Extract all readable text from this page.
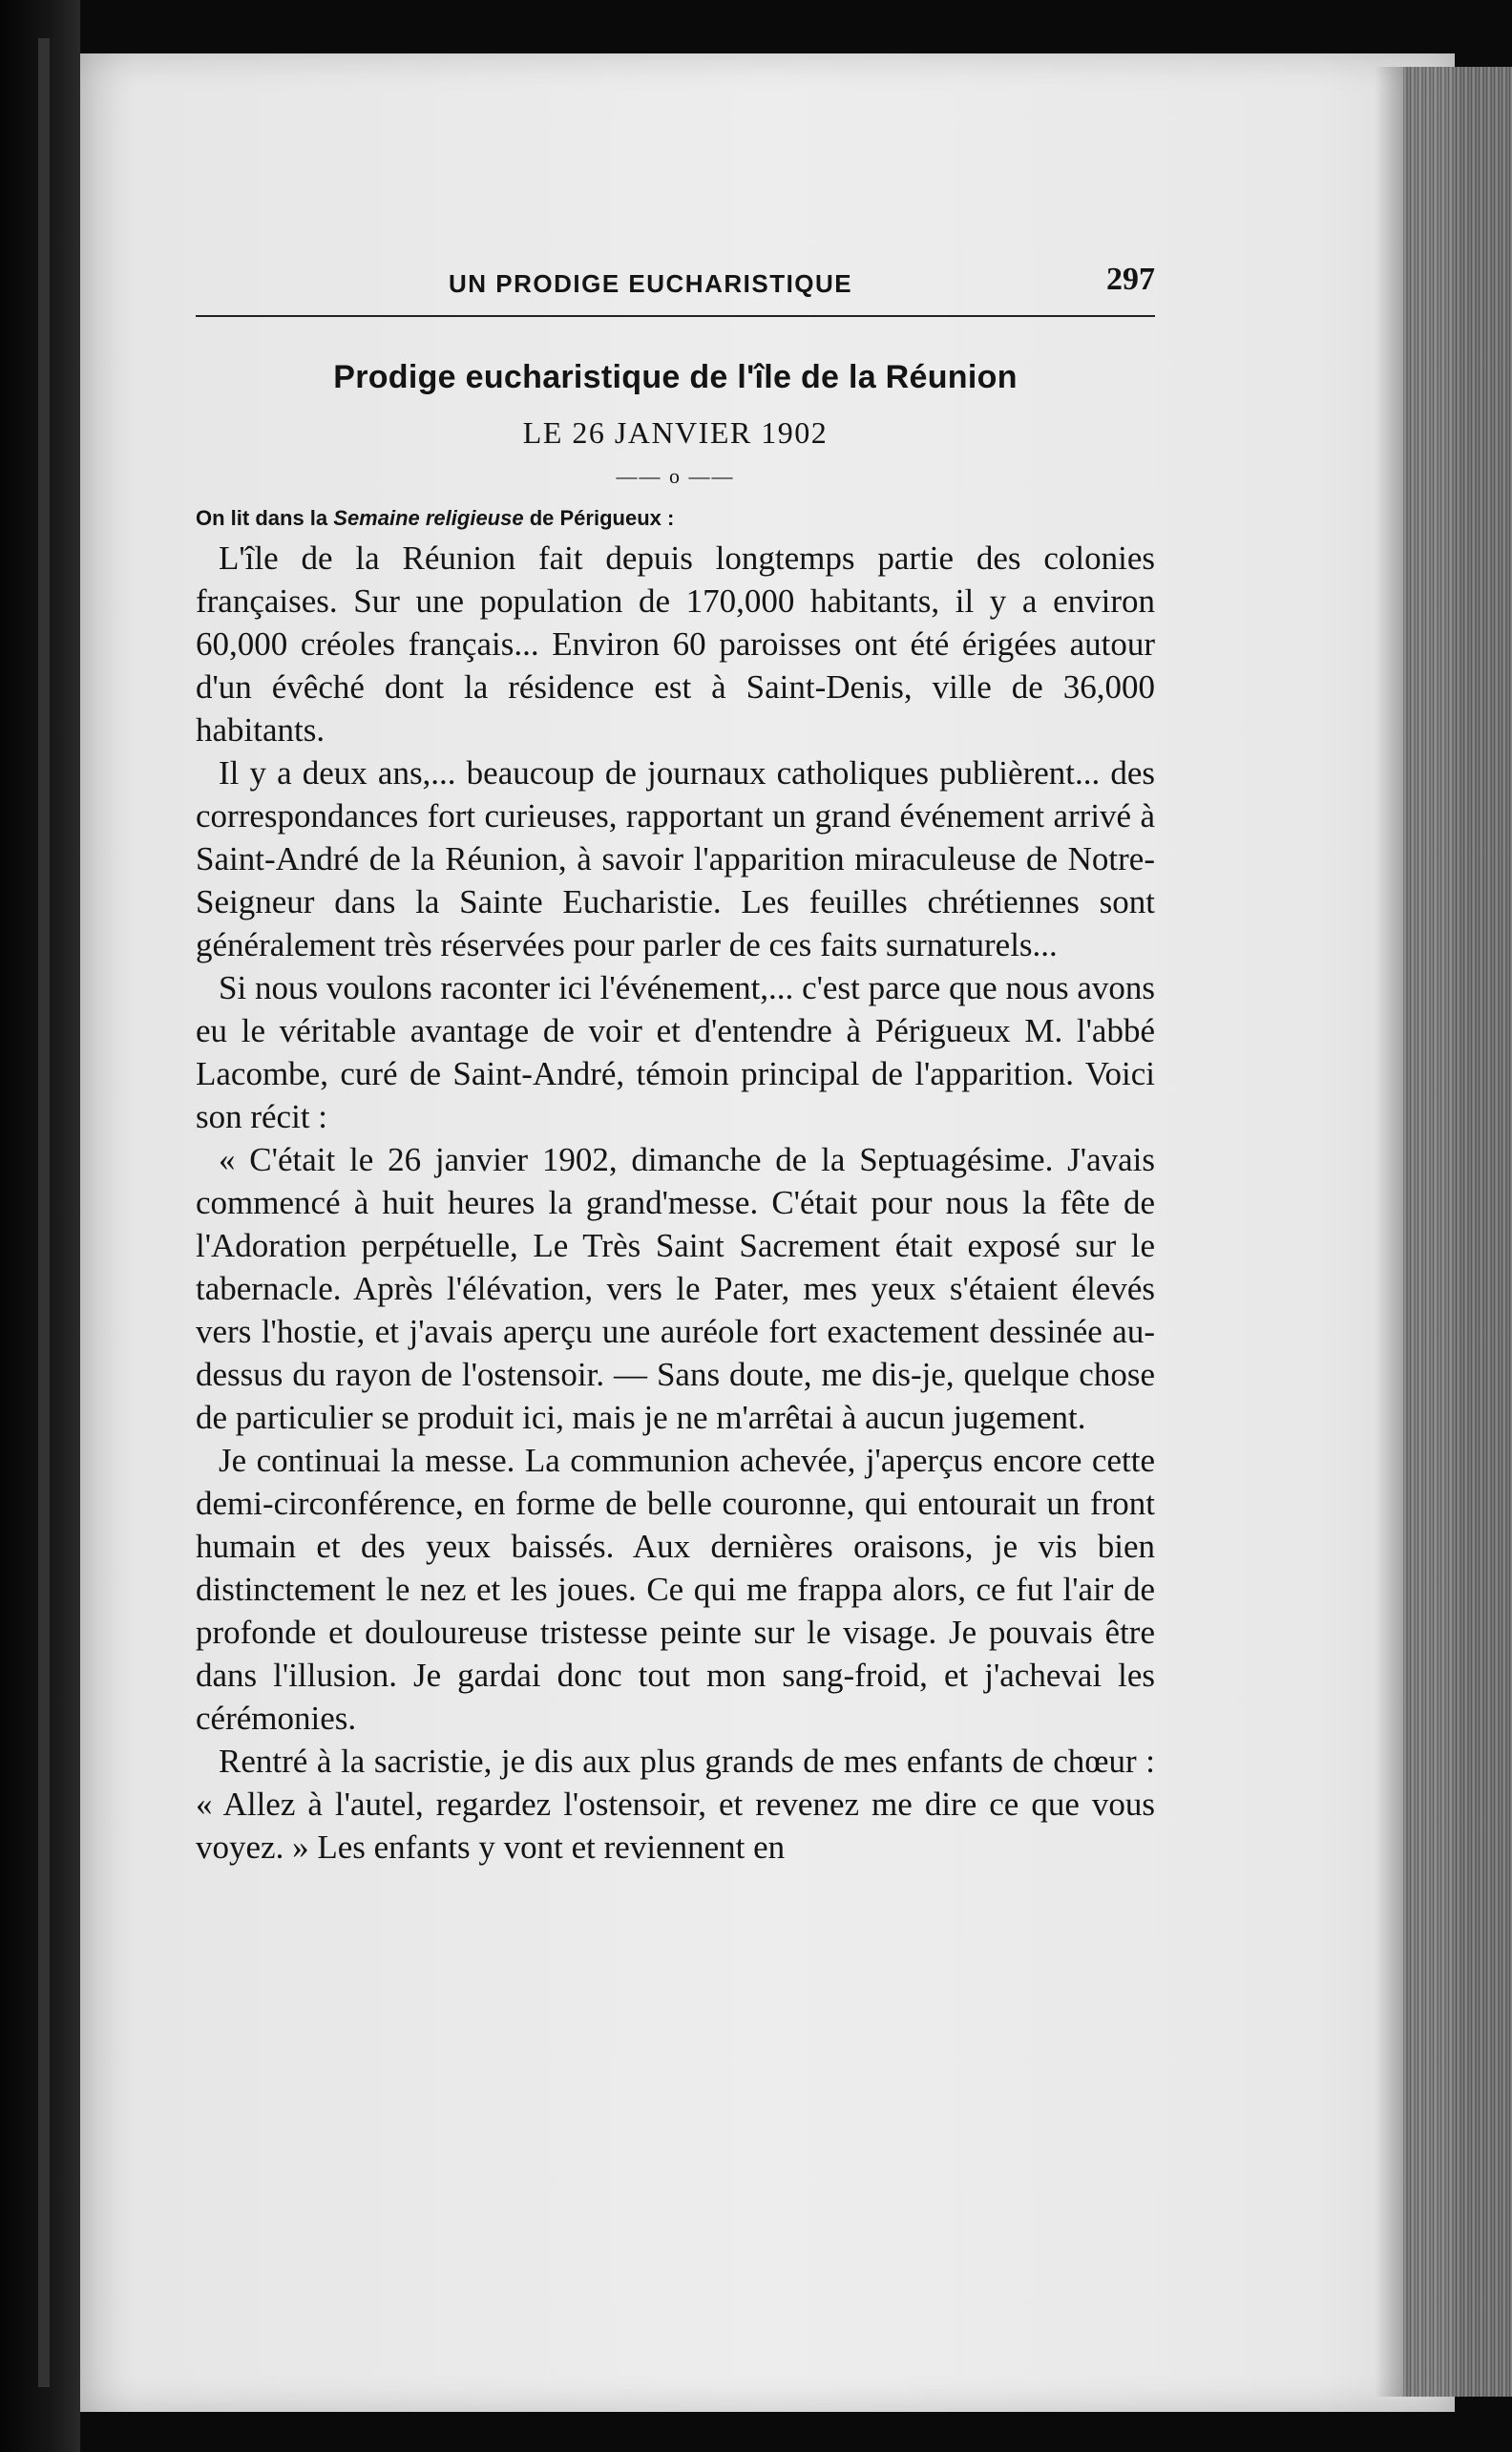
UN PRODIGE EUCHARISTIQUE	297
Prodige eucharistique de l'île de la Réunion
LE 26 JANVIER 1902
—— o ——
On lit dans la Semaine religieuse de Périgueux :

L'île de la Réunion fait depuis longtemps partie des colonies françaises. Sur une population de 170,000 habitants, il y a environ 60,000 créoles français... Environ 60 paroisses ont été érigées autour d'un évêché dont la résidence est à Saint-Denis, ville de 36,000 habitants.

Il y a deux ans,... beaucoup de journaux catholiques publièrent... des correspondances fort curieuses, rapportant un grand événement arrivé à Saint-André de la Réunion, à savoir l'apparition miraculeuse de Notre-Seigneur dans la Sainte Eucharistie. Les feuilles chrétiennes sont généralement très réservées pour parler de ces faits surnaturels...

Si nous voulons raconter ici l'événement,... c'est parce que nous avons eu le véritable avantage de voir et d'entendre à Périgueux M. l'abbé Lacombe, curé de Saint-André, témoin principal de l'apparition. Voici son récit :

« C'était le 26 janvier 1902, dimanche de la Septuagésime. J'avais commencé à huit heures la grand'messe. C'était pour nous la fête de l'Adoration perpétuelle, Le Très Saint Sacrement était exposé sur le tabernacle. Après l'élévation, vers le Pater, mes yeux s'étaient élevés vers l'hostie, et j'avais aperçu une auréole fort exactement dessinée au-dessus du rayon de l'ostensoir. — Sans doute, me dis-je, quelque chose de particulier se produit ici, mais je ne m'arrêtai à aucun jugement.

Je continuai la messe. La communion achevée, j'aperçus encore cette demi-circonférence, en forme de belle couronne, qui entourait un front humain et des yeux baissés. Aux dernières oraisons, je vis bien distinctement le nez et les joues. Ce qui me frappa alors, ce fut l'air de profonde et douloureuse tristesse peinte sur le visage. Je pouvais être dans l'illusion. Je gardai donc tout mon sang-froid, et j'achevai les cérémonies.

Rentré à la sacristie, je dis aux plus grands de mes enfants de chœur : « Allez à l'autel, regardez l'ostensoir, et revenez me dire ce que vous voyez. » Les enfants y vont et reviennent en
